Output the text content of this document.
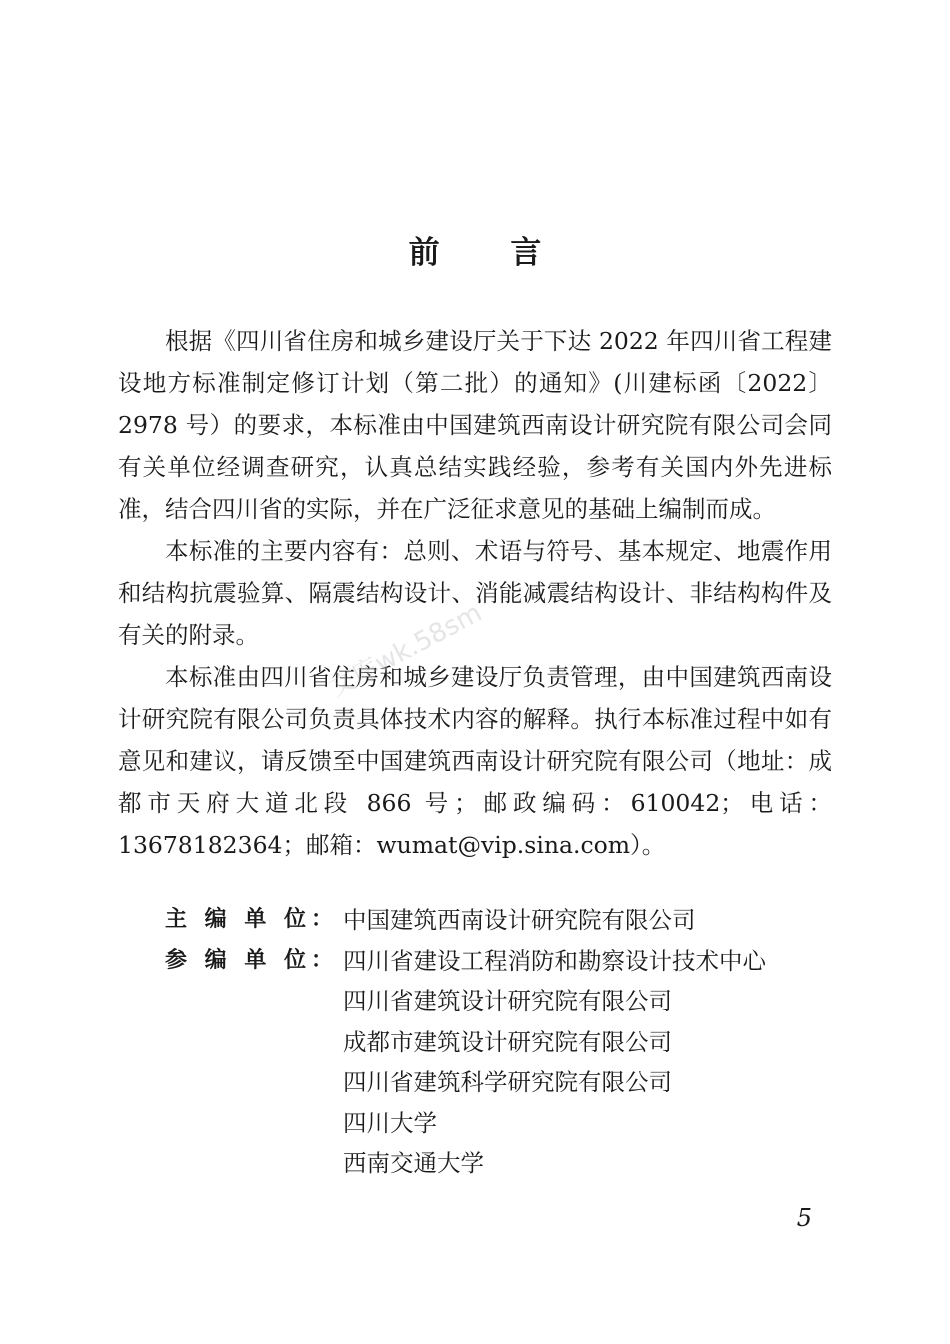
前 言

根据《四川省住房和城乡建设厅关于下达 2022 年四川省工程建设地方标准制定修订计划（第二批）的通知》(川建标函〔2022〕2978 号）的要求，本标准由中国建筑西南设计研究院有限公司会同有关单位经调查研究，认真总结实践经验，参考有关国内外先进标准，结合四川省的实际，并在广泛征求意见的基础上编制而成。

本标准的主要内容有：总则、术语与符号、基本规定、地震作用和结构抗震验算、隔震结构设计、消能减震结构设计、非结构构件及有关的附录。

本标准由四川省住房和城乡建设厅负责管理，由中国建筑西南设计研究院有限公司负责具体技术内容的解释。执行本标准过程中如有意见和建议，请反馈至中国建筑西南设计研究院有限公司（地址：成都市天府大道北段 866 号；邮政编码：610042；电话：13678182364；邮箱：wumat@vip.sina.com）。

主 编 单 位： 中国建筑西南设计研究院有限公司
参 编 单 位： 四川省建设工程消防和勘察设计技术中心
四川省建筑设计研究院有限公司
成都市建筑设计研究院有限公司
四川省建筑科学研究院有限公司
四川大学
西南交通大学
文库wk.58sm
5
